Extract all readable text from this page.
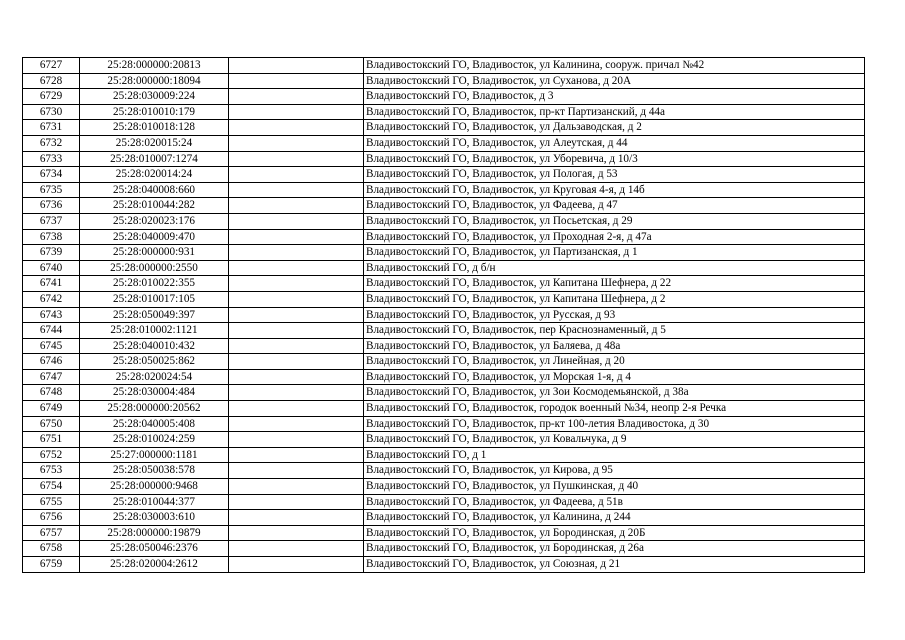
6727	25:28:000000:20813		Владивостокский ГО, Владивосток, ул Калинина, сооруж. причал №42
6728	25:28:000000:18094		Владивостокский ГО, Владивосток, ул Суханова, д 20А
6729	25:28:030009:224		Владивостокский ГО, Владивосток, д 3
6730	25:28:010010:179		Владивостокский ГО, Владивосток, пр-кт Партизанский, д 44а
6731	25:28:010018:128		Владивостокский ГО, Владивосток, ул Дальзаводская, д 2
6732	25:28:020015:24		Владивостокский ГО, Владивосток, ул Алеутская, д 44
6733	25:28:010007:1274		Владивостокский ГО, Владивосток, ул Уборевича, д 10/3
6734	25:28:020014:24		Владивостокский ГО, Владивосток, ул Пологая, д 53
6735	25:28:040008:660		Владивостокский ГО, Владивосток, ул Круговая 4-я, д 14б
6736	25:28:010044:282		Владивостокский ГО, Владивосток, ул Фадеева, д 47
6737	25:28:020023:176		Владивостокский ГО, Владивосток, ул Посьетская, д 29
6738	25:28:040009:470		Владивостокский ГО, Владивосток, ул Проходная 2-я, д 47а
6739	25:28:000000:931		Владивостокский ГО, Владивосток, ул Партизанская, д 1
6740	25:28:000000:2550		Владивостокский ГО, д б/н
6741	25:28:010022:355		Владивостокский ГО, Владивосток, ул Капитана Шефнера, д 22
6742	25:28:010017:105		Владивостокский ГО, Владивосток, ул Капитана Шефнера, д 2
6743	25:28:050049:397		Владивостокский ГО, Владивосток, ул Русская, д 93
6744	25:28:010002:1121		Владивостокский ГО, Владивосток, пер Краснознаменный, д 5
6745	25:28:040010:432		Владивостокский ГО, Владивосток, ул Баляева, д 48а
6746	25:28:050025:862		Владивостокский ГО, Владивосток, ул Линейная, д 20
6747	25:28:020024:54		Владивостокский ГО, Владивосток, ул Морская 1-я, д 4
6748	25:28:030004:484		Владивостокский ГО, Владивосток, ул Зои Космодемьянской, д 38а
6749	25:28:000000:20562		Владивостокский ГО, Владивосток, городок военный №34, неопр 2-я Речка
6750	25:28:040005:408		Владивостокский ГО, Владивосток, пр-кт 100-летия Владивостока, д 30
6751	25:28:010024:259		Владивостокский ГО, Владивосток, ул Ковальчука, д 9
6752	25:27:000000:1181		Владивостокский ГО, д 1
6753	25:28:050038:578		Владивостокский ГО, Владивосток, ул Кирова, д 95
6754	25:28:000000:9468		Владивостокский ГО, Владивосток, ул Пушкинская, д 40
6755	25:28:010044:377		Владивостокский ГО, Владивосток, ул Фадеева, д 51в
6756	25:28:030003:610		Владивостокский ГО, Владивосток, ул Калинина, д 244
6757	25:28:000000:19879		Владивостокский ГО, Владивосток, ул Бородинская, д 20Б
6758	25:28:050046:2376		Владивостокский ГО, Владивосток, ул Бородинская, д 26а
6759	25:28:020004:2612		Владивостокский ГО, Владивосток, ул Союзная, д 21
